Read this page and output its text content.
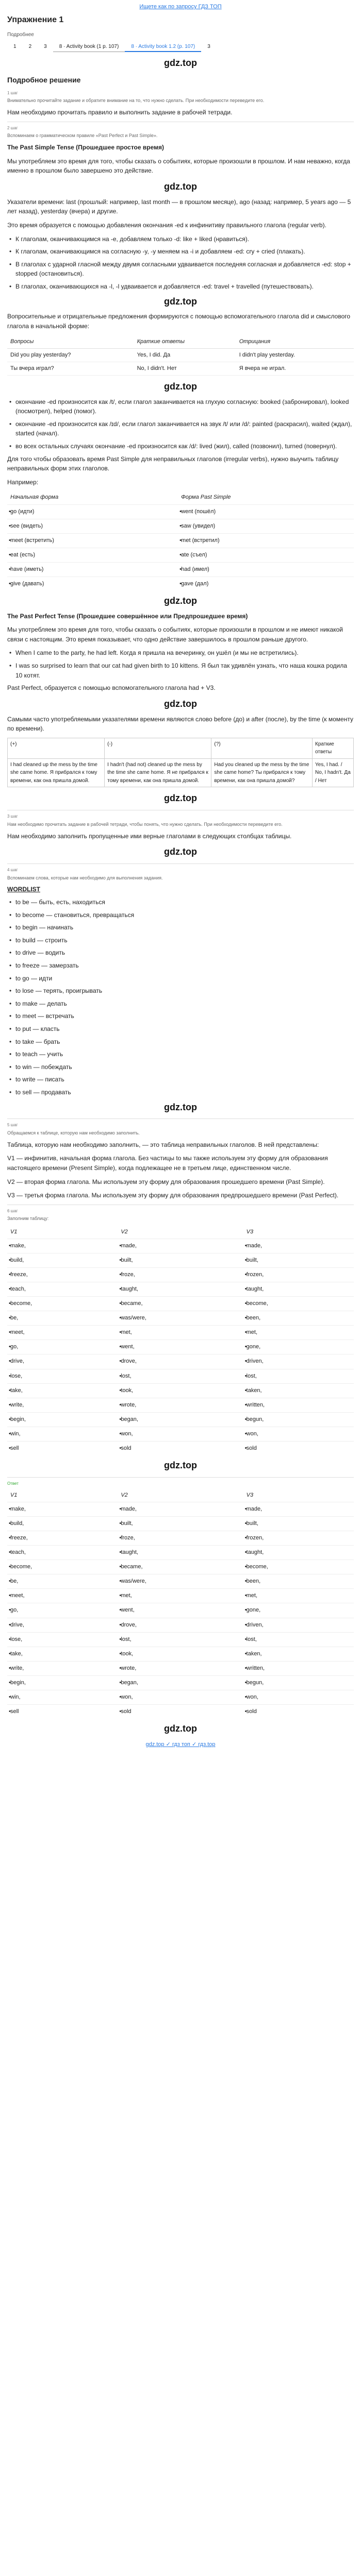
Ищете как по запросу ГДЗ ТОП
Упражнение 1
Подробнее
1	2	3	8 · Activity book (1 р. 107)	8 · Activity book 1.2 (р. 107)	3
gdz.top
Подробное решение
1 шаг
Внимательно прочитайте задание и обратите внимание на то, что нужно сделать. При необходимости переведите его.

Нам необходимо прочитать правило и выполнить задание в рабочей тетради.

2 шаг
Вспоминаем о грамматическом правиле «Past Perfect и Past Simple».

The Past Simple Tense (Прошедшее простое время)

Мы употребляем это время для того, чтобы сказать о событиях, которые произошли в прошлом. И нам неважно, когда именно в прошлом было завершено это действие.

gdz.top

Указатели времени: last (прошлый: например, last month — в прошлом месяце), ago (назад: например, 5 years ago — 5 лет назад), yesterday (вчера) и другие.

Это время образуется с помощью добавления окончания -ed к инфинитиву правильного глагола (regular verb).

• К глаголам, оканчивающимся на -e, добавляем только -d: like + liked (нравиться).
• К глаголам, оканчивающимся на согласную -y, -y меняем на -i и добавляем -ed: cry + cried (плакать).
• В глаголах с ударной гласной между двумя согласными удваивается последняя согласная и добавляется -ed: stop + stopped (остановиться).
• В глаголах, оканчивающихся на -l, -l удваивается и добавляется -ed: travel + travelled (путешествовать).
gdz.top

Вопросительные и отрицательные предложения формируются с помощью вспомогательного глагола did и смыслового глагола в начальной форме:

Вопросы	Краткие ответы	Отрицания
Did you play yesterday?	Yes, I did. Да	I didn't play yesterday.
Ты вчера играл?	No, I didn't. Нет	Я вчера не играл.
gdz.top
• окончание -ed произносится как /t/, если глагол заканчивается на глухую согласную: booked (забронировал), looked (посмотрел), helped (помог).
• окончание -ed произносится как /ɪd/, если глагол заканчивается на звук /t/ или /d/: painted (раскрасил), waited (ждал), started (начал).
• во всех остальных случаях окончание -ed произносится как /d/: lived (жил), called (позвонил), turned (повернул).

Для того чтобы образовать время Past Simple для неправильных глаголов (irregular verbs), нужно выучить таблицу неправильных форм этих глаголов.

Например:

Начальная форма	Форма Past Simple
• go (идти)	• went (пошёл)
• see (видеть)	• saw (увидел)
• meet (встретить)	• met (встретил)
• eat (есть)	• ate (съел)
• have (иметь)	• had (имел)
• give (давать)	• gave (дал)
gdz.top

The Past Perfect Tense (Прошедшее совершённое или Предпрошедшее время)

Мы употребляем это время для того, чтобы сказать о событиях, которые произошли в прошлом и не имеют никакой связи с настоящим. Это время показывает, что одно действие завершилось в прошлом раньше другого.

• When I came to the party, he had left. Когда я пришла на вечеринку, он ушёл (и мы не встретились).
• I was so surprised to learn that our cat had given birth to 10 kittens. Я был так удивлён узнать, что наша кошка родила 10 котят.

Past Perfect, образуется с помощью вспомогательного глагола had + V3.

gdz.top

Самыми часто употребляемыми указателями времени являются слово before (до) и after (после), by the time (к моменту по времени).

(+)	(-)	(?)	Краткие ответы
I had cleaned up the mess by the time she came home. Я прибрался к тому времени, как она пришла домой.	I hadn't (had not) cleaned up the mess by the time she came home. Я не прибрался к тому времени, как она пришла домой.	Had you cleaned up the mess by the time she came home? Ты прибрался к тому времени, как она пришла домой?	Yes, I had. / No, I hadn't. Да / Нет
gdz.top
3 шаг
Нам необходимо прочитать задание в рабочей тетради, чтобы понять, что нужно сделать. При необходимости переведите его.

Нам необходимо заполнить пропущенные ими верные глаголами в следующих столбцах таблицы.

gdz.top
4 шаг
Вспоминаем слова, которые нам необходимо для выполнения задания.
WORDLIST
• to be — быть, есть, находиться
• to become — становиться, превращаться
• to begin — начинать
• to build — строить
• to drive — водить
• to freeze — замерзать
• to go — идти
• to lose — терять, проигрывать
• to make — делать
• to meet — встречать
• to put — класть
• to take — брать
• to teach — учить
• to win — побеждать
• to write — писать
• to sell — продавать
gdz.top
5 шаг
Обращаемся к таблице, которую нам необходимо заполнить.

Таблица, которую нам необходимо заполнить, — это таблица неправильных глаголов. В ней представлены:

V1 — инфинитив, начальная форма глагола. Без частицы to мы также используем эту форму для образования настоящего времени (Present Simple), когда подлежащее не в третьем лице, единственном числе.

V2 — вторая форма глагола. Мы используем эту форму для образования прошедшего времени (Past Simple).

V3 — третья форма глагола. Мы используем эту форму для образования предпрошедшего времени (Past Perfect).

6 шаг
Заполним таблицу:
V1	V2	V3
• make,	• made,	• made,
• build,	• built,	• built,
• freeze,	• froze,	• frozen,
• teach,	• taught,	• taught,
• become,	• became,	• become,
• be,	• was/were,	• been,
• meet,	• met,	• met,
• go,	• went,	• gone,
• drive,	• drove,	• driven,
• lose,	• lost,	• lost,
• take,	• took,	• taken,
• write,	• wrote,	• written,
• begin,	• began,	• begun,
• win,	• won,	• won,
• sell	• sold	• sold
gdz.top
Ответ
V1	V2	V3
• make,	• made,	• made,
• build,	• built,	• built,
• freeze,	• froze,	• frozen,
• teach,	• taught,	• taught,
• become,	• became,	• become,
• be,	• was/were,	• been,
• meet,	• met,	• met,
• go,	• went,	• gone,
• drive,	• drove,	• driven,
• lose,	• lost,	• lost,
• take,	• took,	• taken,
• write,	• wrote,	• written,
• begin,	• began,	• begun,
• win,	• won,	• won,
• sell	• sold	• sold
gdz.top
gdz.top ✓ гдз топ ✓ гдз.top
